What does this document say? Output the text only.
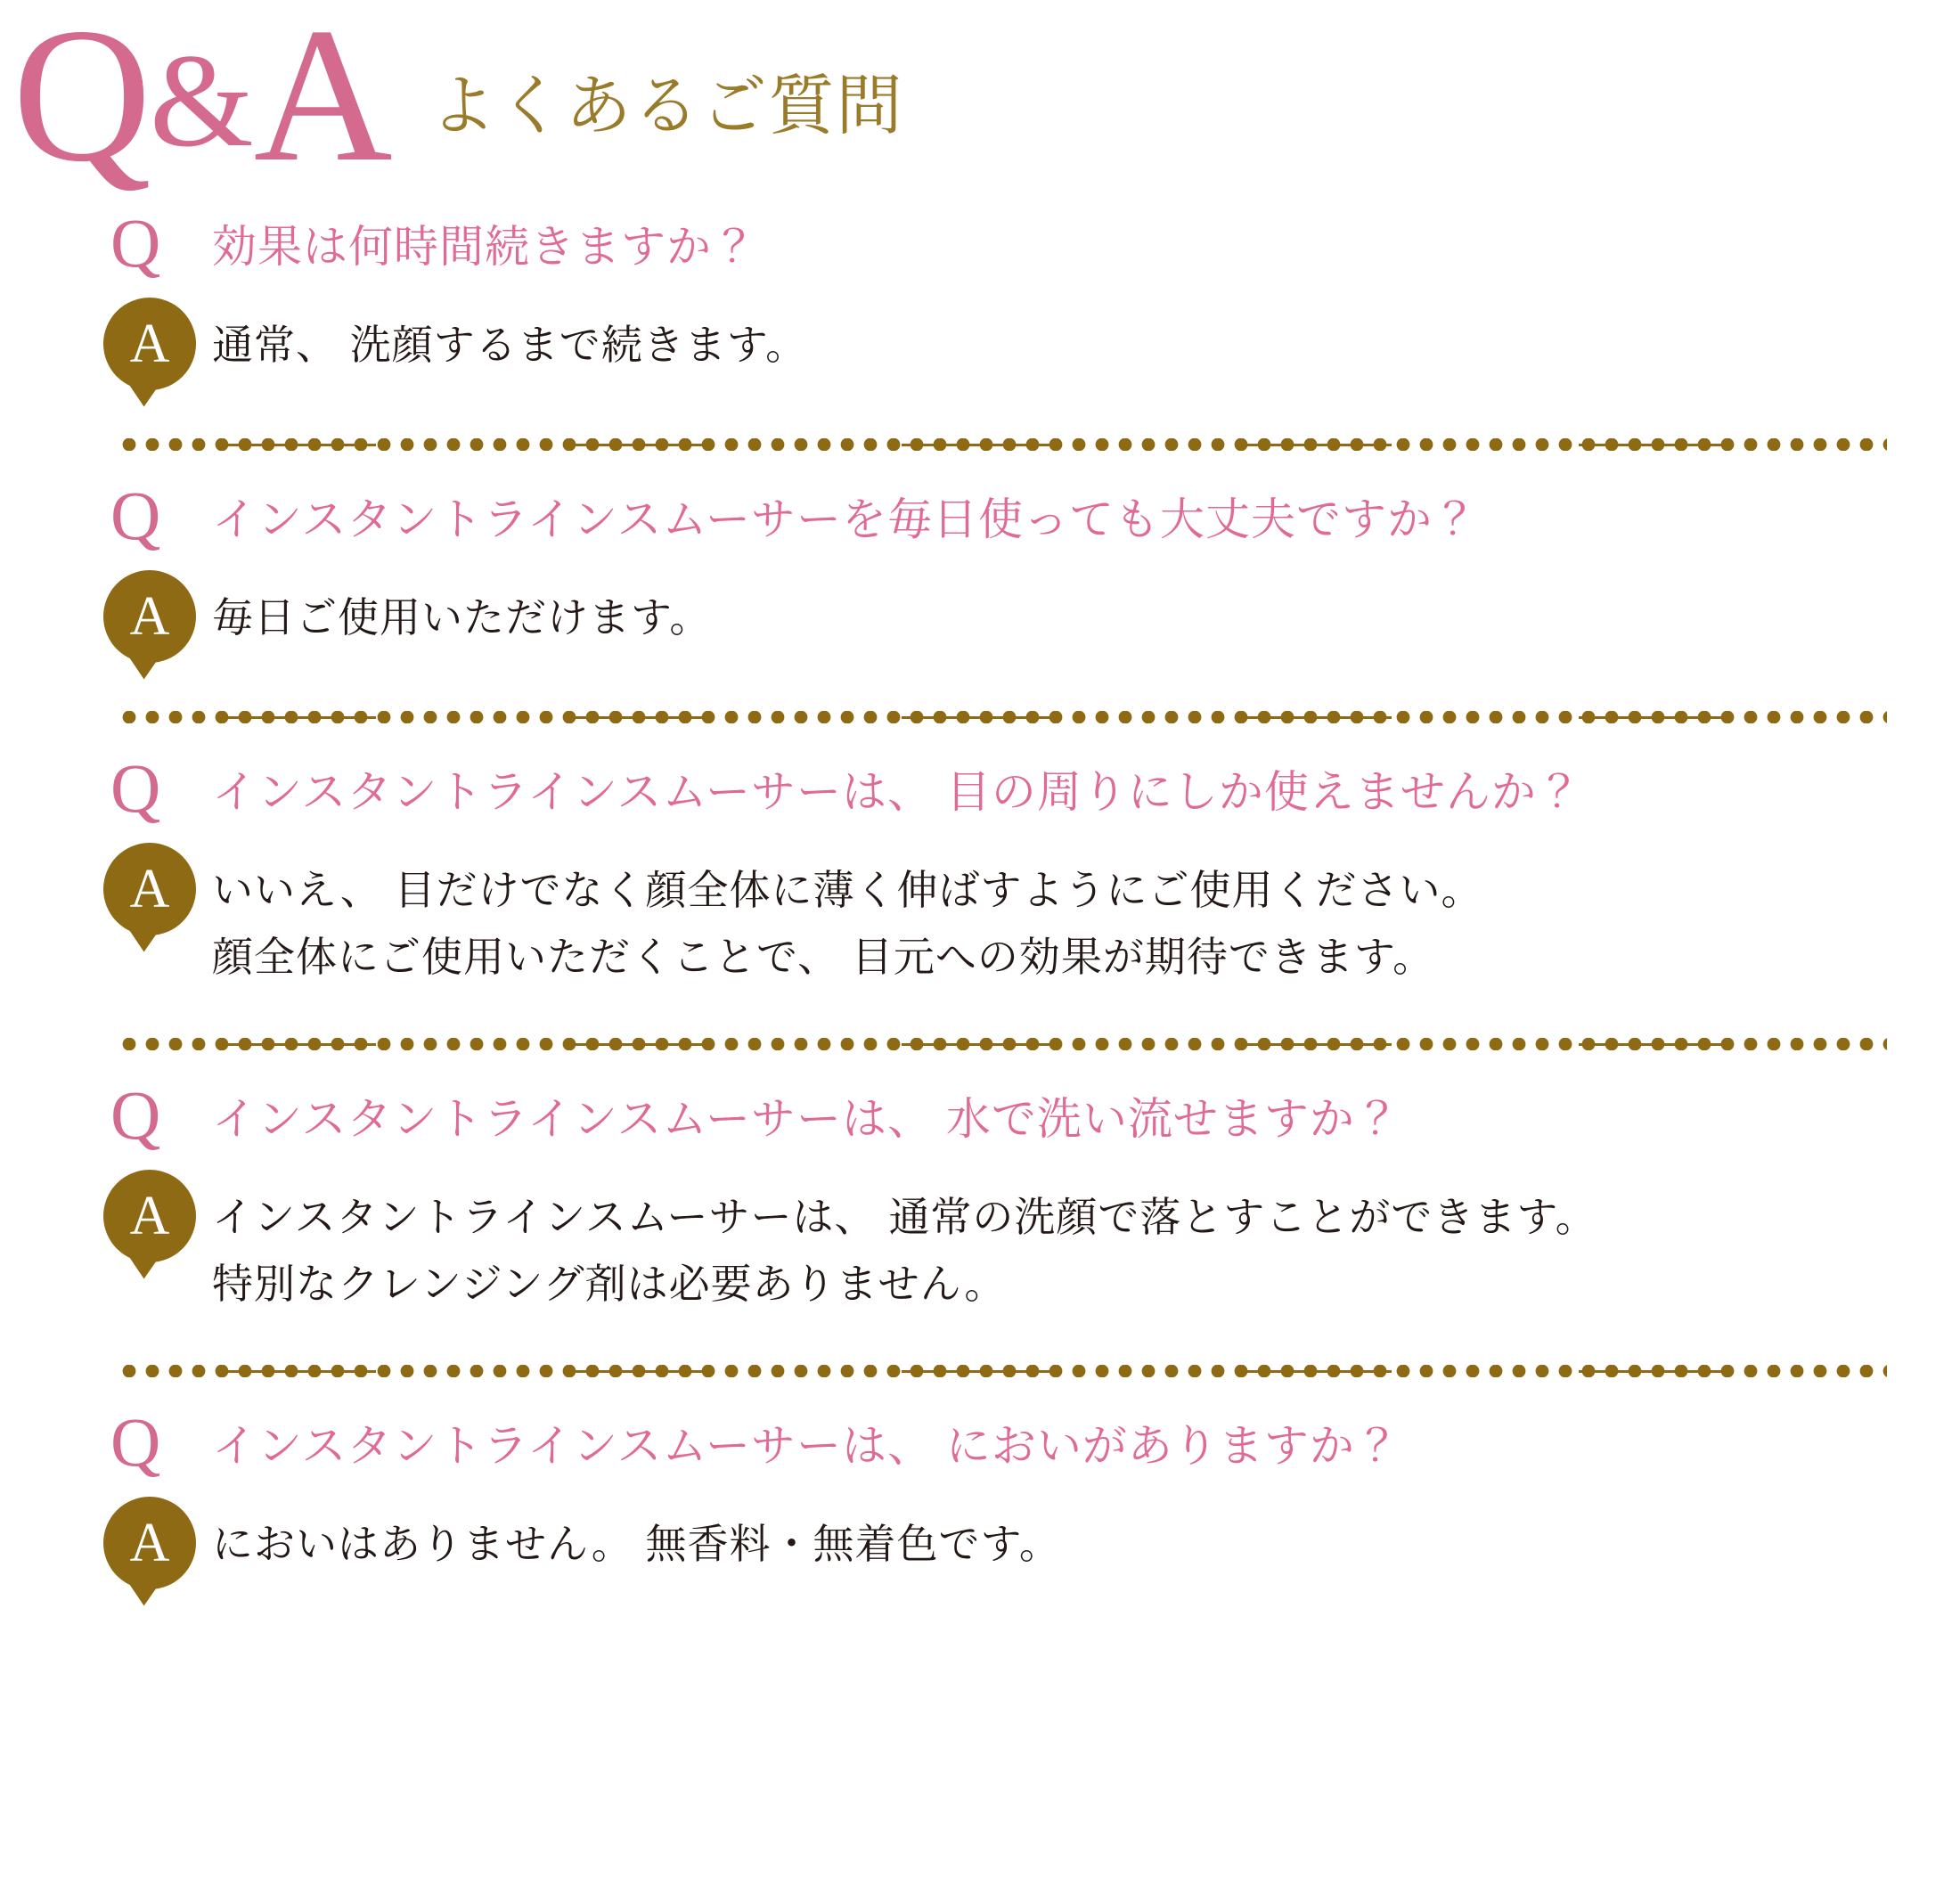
Q&A よくあるご質問
Q	効果は何時間続きますか？
A	通常、 洗顔するまで続きます。
Q	インスタントラインスムーサーを毎日使っても大丈夫ですか？
A	毎日ご使用いただけます。
Q	インスタントラインスムーサーは、 目の周りにしか使えませんか？
A	いいえ、 目だけでなく顔全体に薄く伸ばすようにご使用ください。
顔全体にご使用いただくことで、 目元への効果が期待できます。
Q	インスタントラインスムーサーは、 水で洗い流せますか？
A	インスタントラインスムーサーは、 通常の洗顔で落とすことができます。
特別なクレンジング剤は必要ありません。
Q	インスタントラインスムーサーは、 においがありますか？
A	においはありません。 無香料・無着色です。
